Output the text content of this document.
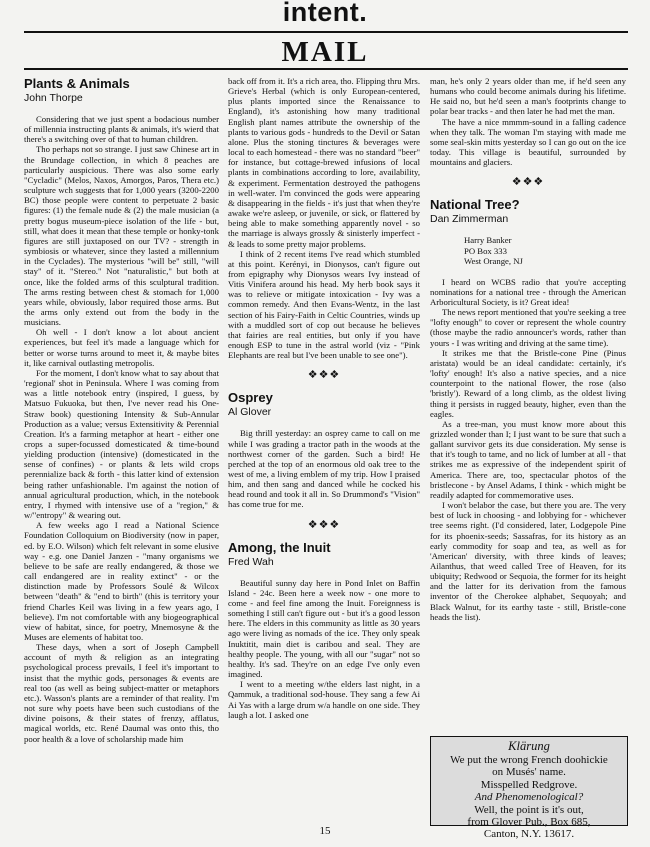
intent.
MAIL
Plants & Animals
John Thorpe

Considering that we just spent a bodacious number of millennia instructing plants & animals, it's wierd that there's a switching over of that to human children.

Tho perhaps not so strange. I just saw Chinese art in the Brundage collection, in which 8 peaches are particularly auspicious. There was also some early "Cycladic" (Melos, Naxos, Amorgos, Paros, Thera etc.) sculpture wch suggests that for 1,000 years (3200-2200 BC) those people were content to perpetuate 2 basic figures: (1) the female nude & (2) the male musician (a pretty bogus museum-piece isolation of the life - but, still, what does it mean that these temple or honky-tonk figures are still juxtaposed on our TV? - strength in symbiosis or whatever, since they lasted a millennium in the Cyclades). The mysterious "will be" still, "will stay" of it. "Stereo." Not "naturalistic," but both at once, like the folded arms of this sculptural tradition. The arms resting between chest & stomach for 1,000 years while, obviously, labor required those arms. But the arms only extend out from the body in the musicians.

Oh well - I don't know a lot about ancient experiences, but feel it's made a language which for better or worse turns around to meet it, & maybe bites it, like carnival outlasting metropolis.

For the moment, I don't know what to say about that 'regional' shot in Peninsula. Where I was coming from was a little notebook entry (inspired, I guess, by Matsuo Fukuoka, but then, I've never read his One-Straw book) questioning Intensity & Sub-Annular Production as a value; versus Extensitivity & Perennial Creation. It's a farming metaphor at heart - either one crops a super-focussed domesticated & time-bound yielding production (intensive) (domesticated in the sense of confines) - or plants & lets wild crops perennialize back & forth - this latter kind of extension being rather unfashionable. I'm against the notion of annual agricultural production, which, in the notebook entry, I rhymed with intensive use of a "region," & w/"entropy" & wearing out.

A few weeks ago I read a National Science Foundation Colloquium on Biodiversity (now in paper, ed. by E.O. Wilson) which felt relevant in some elusive way - e.g. one Daniel Janzen - "many organisms we believe to be safe are really endangered, & those we call endangered are in reality extinct" - or the distinction made by Professors Soulé & Wilcox between "death" & "end to birth" (this is territory your friend Charles Keil was living in a few years ago, I believe). I'm not comfortable with any biogeographical view of habitat, since, for poetry, Mnemosyne & the Muses are elements of habitat too.

These days, when a sort of Joseph Campbell account of myth & religion as an integrating psychological process prevails, I feel it's important to insist that the mythic gods, personages & events are real too (as well as being subject-matter or metaphors etc.). Wasson's plants are a reminder of that reality. I'm not sure why poets have been such custodians of the divine poisons, & their states of frenzy, afflatus, magical worlds, etc. René Daumal was onto this, tho poor health & a love of scholarship made him

back off from it. It's a rich area, tho. Flipping thru Mrs. Grieve's Herbal (which is only European-centered, plus plants imported since the Renaissance to England), it's astonishing how many traditional English plant names attribute the ownership of the plants to various gods - hundreds to the Devil or Satan alone. Plus the stoning tinctures & beverages were local to each homestead - there was no standard "beer" for instance, but cottage-brewed infusions of local plants in combinations according to lore, availability, & experiment. Fermentation destroyed the pathogens in well-water. I'm convinced the gods were appearing & disappearing in the fields - it's just that when they're awake we're asleep, or juvenile, or sick, or flattered by being able to make something apparently novel - so the marriage is always grossly & sinisterly imperfect - & leads to some pretty major problems.

I think of 2 recent items I've read which stumbled at this point. Kerényi, in Dionysos, can't figure out from epigraphy why Dionysos wears Ivy instead of Vitis Vinifera around his head. My herb book says it was to relieve or mitigate intoxication - Ivy was a common remedy. And then Evans-Wentz, in the last section of his Fairy-Faith in Celtic Countries, winds up with a muddled sort of cop out because he believes that fairies are real entities, but only if you have enough ESP to tune in the astral world (viz - "Pink Elephants are real but I've been unable to see one").

❖❖❖
Osprey
Al Glover

Big thrill yesterday: an osprey came to call on me while I was grading a tractor path in the woods at the northwest corner of the garden. Such a bird! He perched at the top of an enormous old oak tree to the west of me, a living emblem of my trip. How I praised him, and then sang and danced while he cocked his head round and took it all in. So Drummond's "Vision" has come true for me.

❖❖❖
Among, the Inuit
Fred Wah

Beautiful sunny day here in Pond Inlet on Baffin Island - 24c. Been here a week now - one more to come - and feel fine among the Inuit. Foreignness is something I still can't figure out - but it's a good lesson here. The elders in this community as little as 30 years ago were living as nomads of the ice. They only speak Inuktitit, main diet is caribou and seal. They are healthy people. The young, with all our "sugar" not so healthy. It's sad. They're on an edge I've only even imagined.

I went to a meeting w/the elders last night, in a Qammuk, a traditional sod-house. They sang a few Ai Ai Yas with a large drum w/a handle on one side. They laugh a lot. I asked one

man, he's only 2 years older than me, if he'd seen any humans who could become animals during his lifetime. He said no, but he'd seen a man's footprints change to polar bear tracks - and then later he had met the man.

The have a nice mmmm-sound in a falling cadence when they talk. The woman I'm staying with made me some seal-skin mitts yesterday so I can go out on the ice today. This village is beautiful, surrounded by mountains and glaciers.

❖❖❖
National Tree?
Dan Zimmerman
Harry Banker
PO Box 333
West Orange, NJ

I heard on WCBS radio that you're accepting nominations for a national tree - through the American Arboricultural Society, is it? Great idea!

The news report mentioned that you're seeking a tree "lofty enough" to cover or represent the whole country (those maybe the radio announcer's words, rather than yours - I was writing and driving at the same time).

It strikes me that the Bristle-cone Pine (Pinus aristata) would be an ideal candidate: certainly, it's 'lofty' enough! It's also a native species, and a nice counterpoint to the national flower, the rose (also 'bristly'). Reward of a long climb, as the oldest living thing it persists in rugged beauty, higher, even than the eagles.

As a tree-man, you must know more about this grizzled wonder than I; I just want to be sure that such a gallant survivor gets its due consideration. My sense is that it's tough to tame, and no lick of lumber at all - that strikes me as expressive of the independent spirit of America. There are, too, spectacular photos of the bristlecone - by Ansel Adams, I think - which might be readily adapted for commemorative uses.

I won't belabor the case, but there you are. The very best of luck in choosing - and lobbying for - whichever tree seems right. (I'd considered, later, Lodgepole Pine for its phoenix-seeds; Sassafras, for its history as an early commodity for soap and tea, as well as for 'American' diversity, with three kinds of leaves; Ailanthus, that weed called Tree of Heaven, for its ubiquity; Redwood or Sequoia, the former for its height and the latter for its derivation from the famous inventor of the Cherokee alphabet, Sequoyah; and Black Walnut, for its earthy taste - still, Bristle-cone heads the list).

Klärung
We put the wrong French doohickie
on Musés' name.
Misspelled Redgrove.
And Phenomenological?
Well, the point is it's out,
from Glover Pub., Box 685,
Canton, N.Y. 13617.
15
